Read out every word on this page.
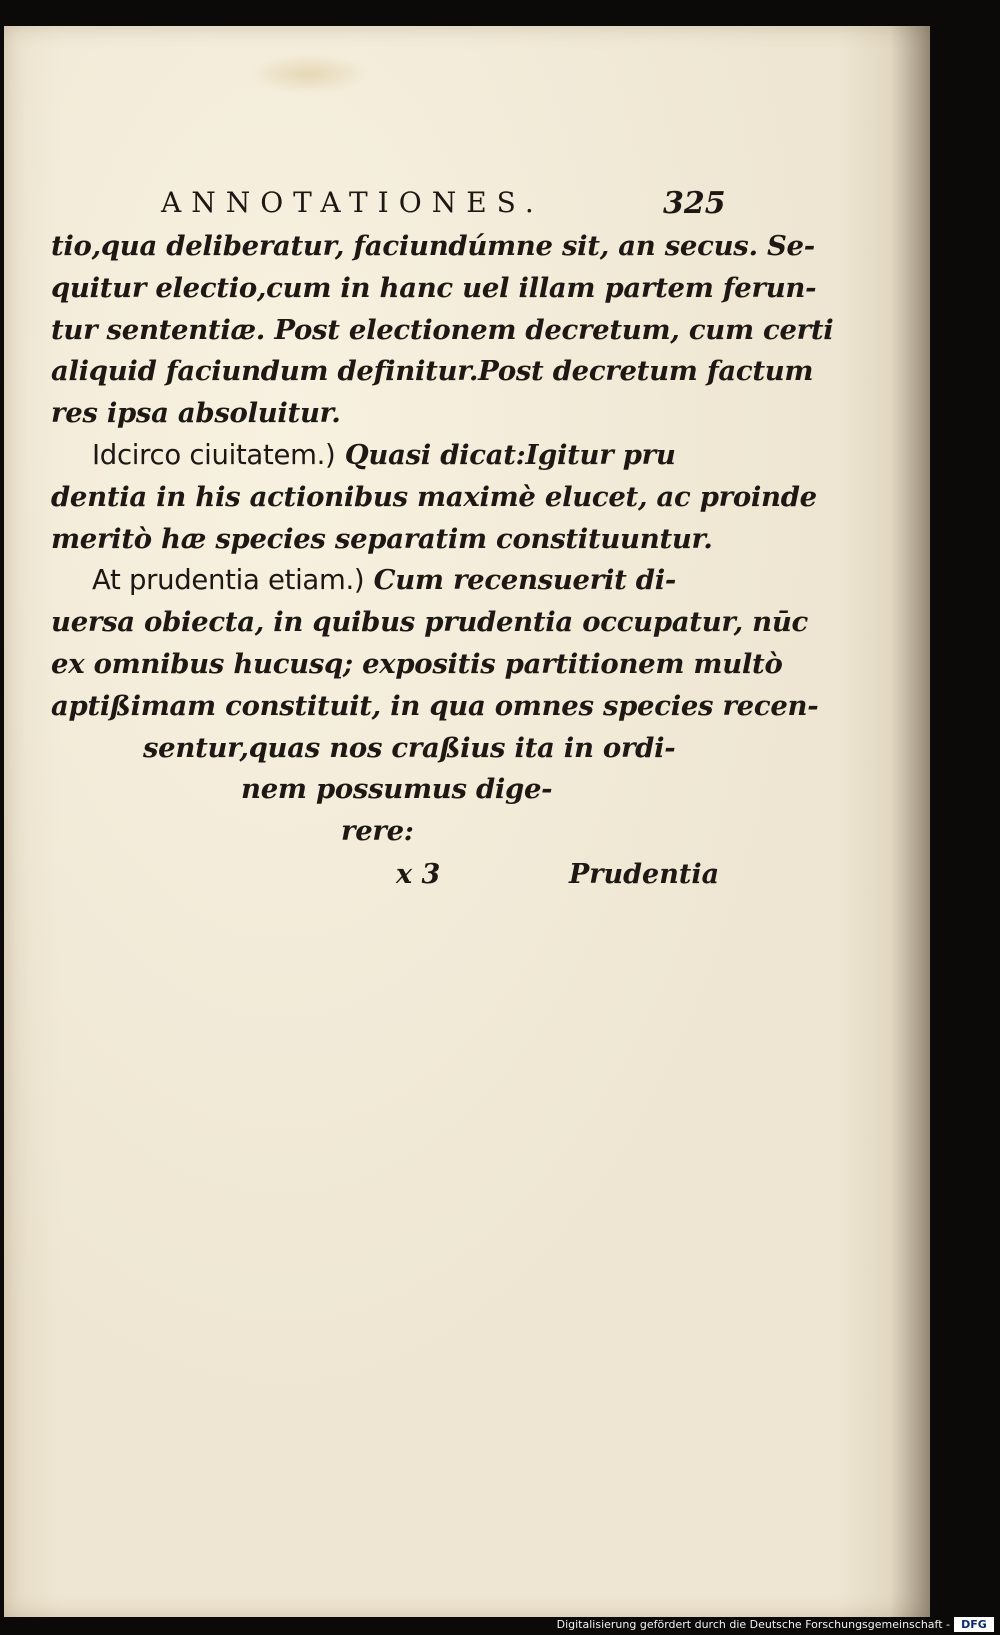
ANNOTATIONES.	325
tio,qua deliberatur, faciundúmne sit, an secus. Se-
quitur electio,cum in hanc uel illam partem ferun-
tur sententiæ. Post electionem decretum, cum certi
aliquid faciundum definitur.Post decretum factum
res ipsa absoluitur.
Idcirco ciuitatem.) Quasi dicat:Igitur pru
dentia in his actionibus maximè elucet, ac proinde
meritò hæ species separatim constituuntur.
At prudentia etiam.) Cum recensuerit di-
uersa obiecta, in quibus prudentia occupatur, nūc
ex omnibus hucusq; expositis partitionem multò
aptißimam constituit, in qua omnes species recen-
sentur,quas nos craßius ita in ordi-
nem possumus dige-
rere:
x 3	Prudentia
Digitalisierung gefördert durch die Deutsche Forschungsgemeinschaft -	DFG
